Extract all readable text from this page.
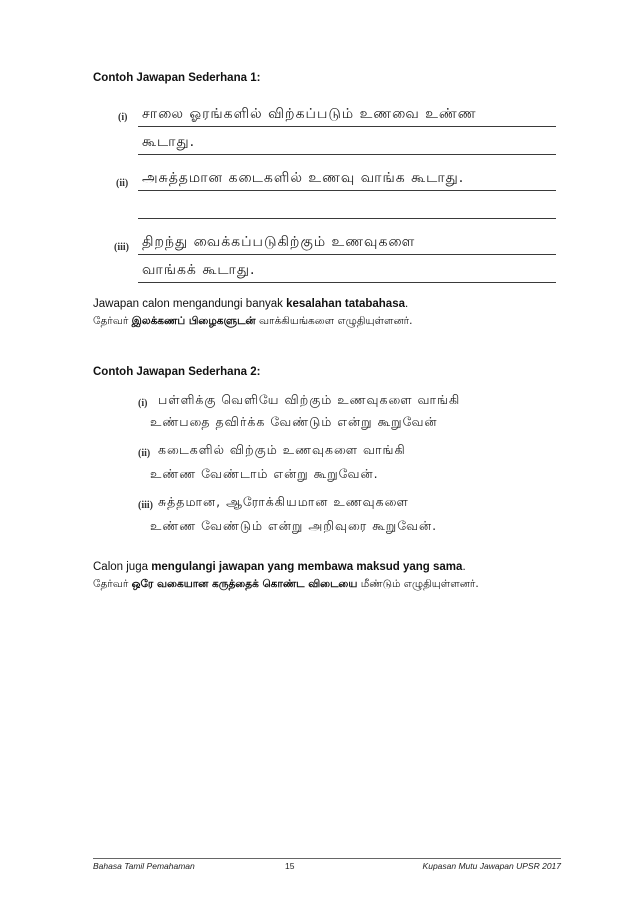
Contoh Jawapan Sederhana 1:
(i) சாலை ஓரங்களில் விற்கப்படும் உணவை உண்ண
கூடாது.
(ii) அசுத்தமான கடைகளில் உணவு வாங்க கூடாது.
(iii) திறந்து வைக்கப்படுகிற்கும் உணவுகளை
வாங்கக் கூடாது.
Jawapan calon mengandungi banyak kesalahan tatabahasa.
தேர்வர் இலக்கணப் பிழைகளுடன் வாக்கியங்களை எழுதியுள்ளனர்.
Contoh Jawapan Sederhana 2:
(i) பள்ளிக்கு வெளியே விற்கும் உணவுகளை வாங்கி
உண்பதை தவிர்க்க வேண்டும் என்று கூறுவேன்
(ii) கடைகளில் விற்கும் உணவுகளை வாங்கி
உண்ண வேண்டாம் என்று கூறுவேன்.
(iii) சுத்தமான, ஆரோக்கியமான உணவுகளை
உண்ண வேண்டும் என்று அறிவுரை கூறுவேன்.
Calon juga mengulangi jawapan yang membawa maksud yang sama.
தேர்வர் ஒரே வகையான கருத்தைக் கொண்ட விடையை மீண்டும் எழுதியுள்ளனர்.
Bahasa Tamil Pemahaman	15	Kupasan Mutu Jawapan UPSR 2017
